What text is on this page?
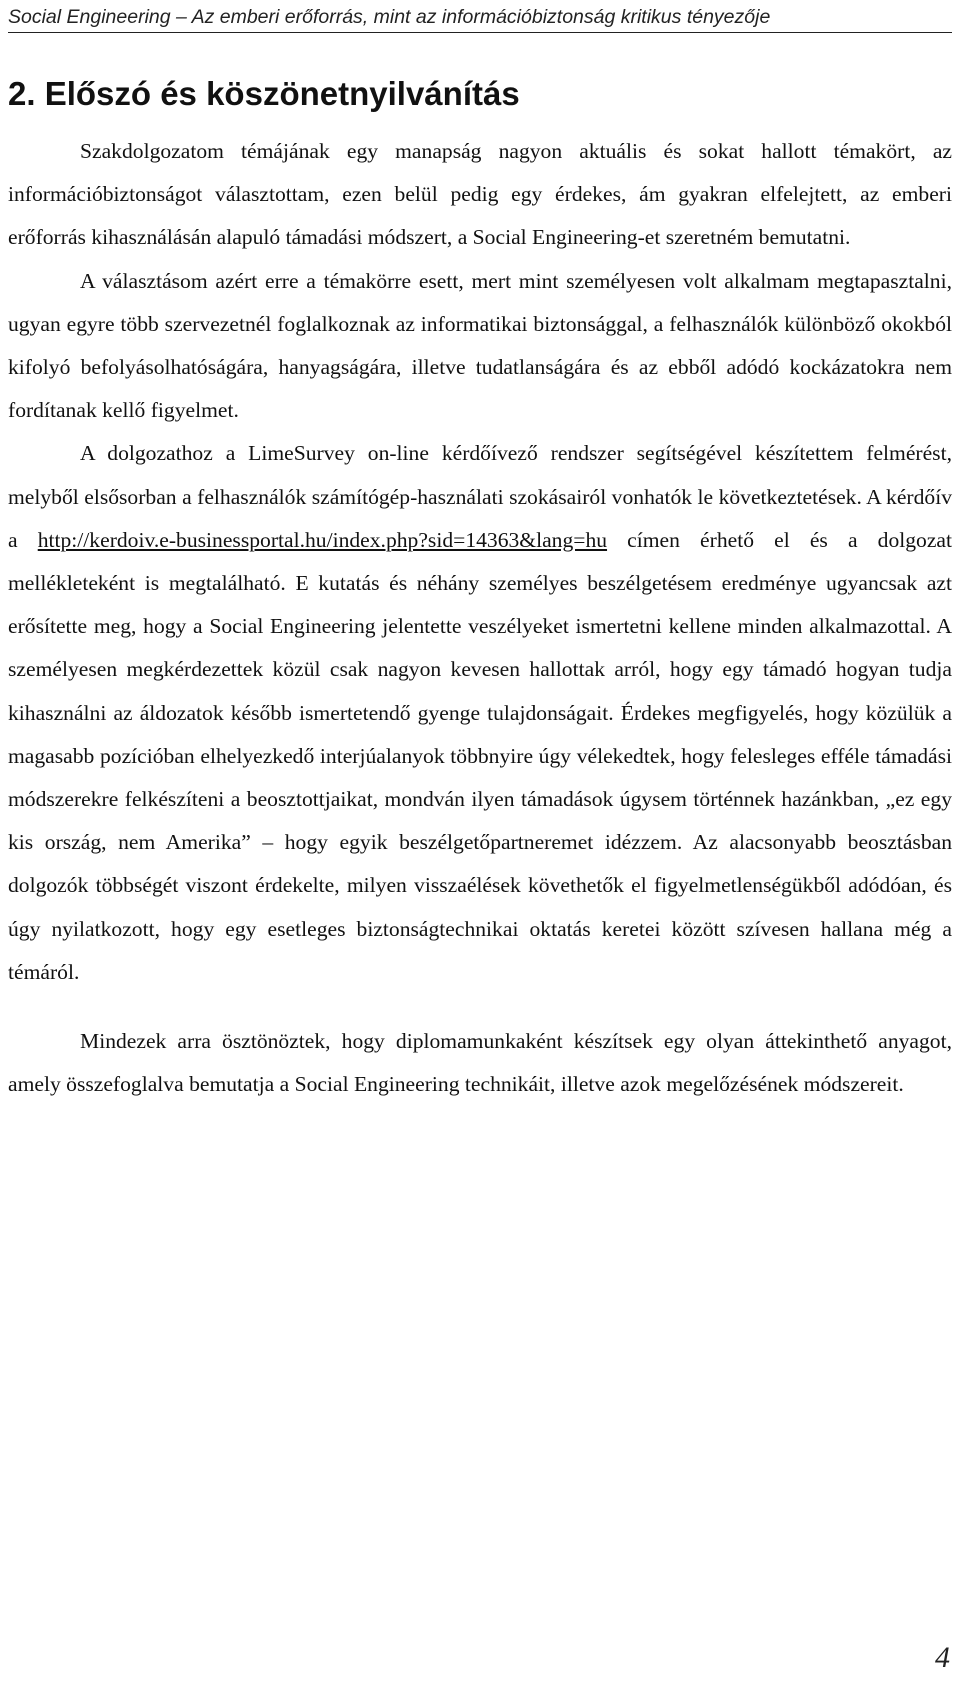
Social Engineering – Az emberi erőforrás, mint az információbiztonság kritikus tényezője
2. Előszó és köszönetnyilvánítás

Szakdolgozatom témájának egy manapság nagyon aktuális és sokat hallott témakört, az információbiztonságot választottam, ezen belül pedig egy érdekes, ám gyakran elfelejtett, az emberi erőforrás kihasználásán alapuló támadási módszert, a Social Engineering-et szeretném bemutatni.

A választásom azért erre a témakörre esett, mert mint személyesen volt alkalmam megtapasztalni, ugyan egyre több szervezetnél foglalkoznak az informatikai biztonsággal, a felhasználók különböző okokból kifolyó befolyásolhatóságára, hanyagságára, illetve tudatlanságára és az ebből adódó kockázatokra nem fordítanak kellő figyelmet.

A dolgozathoz a LimeSurvey on-line kérdőívező rendszer segítségével készítettem felmérést, melyből elsősorban a felhasználók számítógép-használati szokásairól vonhatók le következtetések. A kérdőív a http://kerdoiv.e-businessportal.hu/index.php?sid=14363&lang=hu címen érhető el és a dolgozat mellékleteként is megtalálható. E kutatás és néhány személyes beszélgetésem eredménye ugyancsak azt erősítette meg, hogy a Social Engineering jelentette veszélyeket ismertetni kellene minden alkalmazottal. A személyesen megkérdezettek közül csak nagyon kevesen hallottak arról, hogy egy támadó hogyan tudja kihasználni az áldozatok később ismertetendő gyenge tulajdonságait. Érdekes megfigyelés, hogy közülük a magasabb pozícióban elhelyezkedő interjúalanyok többnyire úgy vélekedtek, hogy felesleges efféle támadási módszerekre felkészíteni a beosztottjaikat, mondván ilyen támadások úgysem történnek hazánkban, „ez egy kis ország, nem Amerika” – hogy egyik beszélgetőpartneremet idézzem. Az alacsonyabb beosztásban dolgozók többségét viszont érdekelte, milyen visszaélések követhetők el figyelmetlenségükből adódóan, és úgy nyilatkozott, hogy egy esetleges biztonságtechnikai oktatás keretei között szívesen hallana még a témáról.

Mindezek arra ösztönöztek, hogy diplomamunkaként készítsek egy olyan áttekinthető anyagot, amely összefoglalva bemutatja a Social Engineering technikáit, illetve azok megelőzésének módszereit.

4
